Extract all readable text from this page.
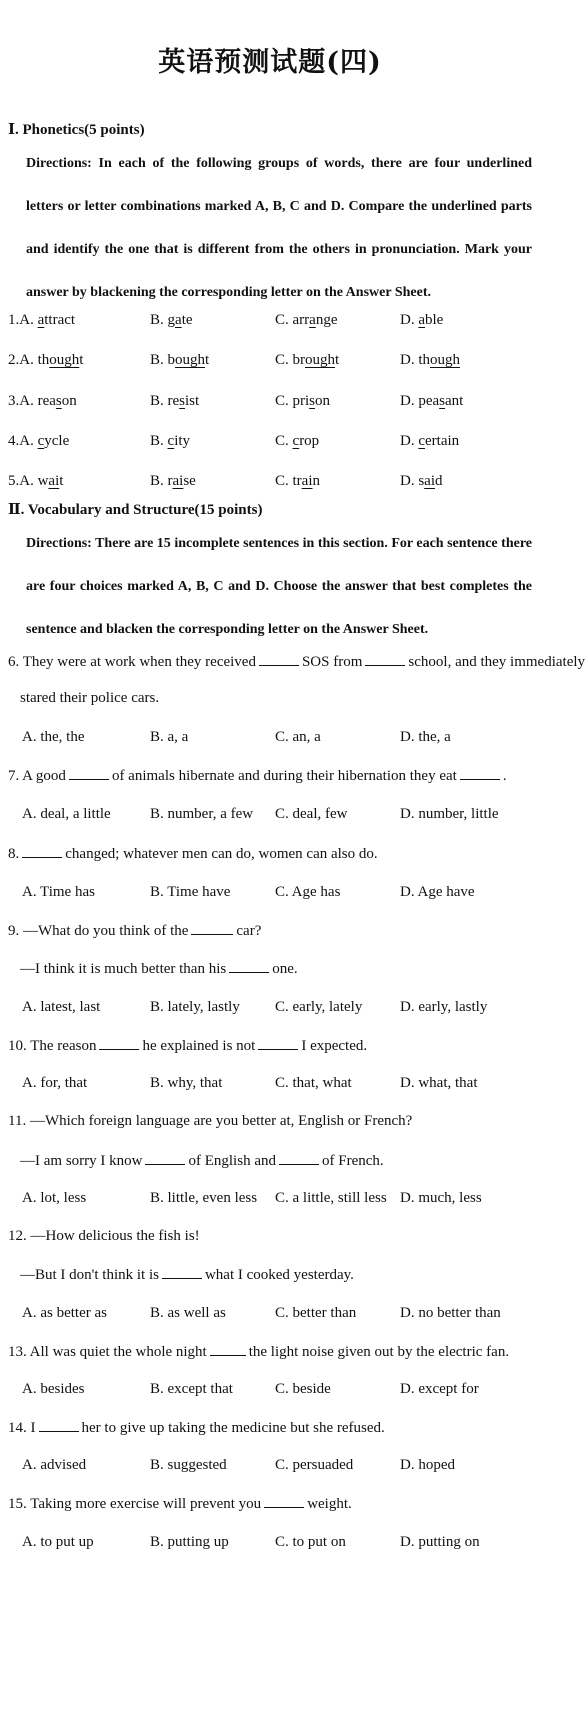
英语预测试题(四)
Ⅰ. Phonetics(5 points)
Directions: In each of the following groups of words, there are four underlined letters or letter combinations marked A, B, C and D. Compare the underlined parts and identify the one that is different from the others in pronunciation. Mark your answer by blackening the corresponding letter on the Answer Sheet.
1.A. attract	B. gate	C. arrange	D. able
2.A. thought	B. bought	C. brought	D. though
3.A. reason	B. resist	C. prison	D. peasant
4.A. cycle	B. city	C. crop	D. certain
5.A. wait	B. raise	C. train	D. said
Ⅱ. Vocabulary and Structure(15 points)
Directions: There are 15 incomplete sentences in this section. For each sentence there are four choices marked A, B, C and D. Choose the answer that best completes the sentence and blacken the corresponding letter on the Answer Sheet.
6. They were at work when they received	SOS from	school, and they immediately
stared their police cars.
A. the, the	B. a, a	C. an, a	D. the, a
7. A good	of animals hibernate and during their hibernation they eat	.
A. deal, a little	B. number, a few C. deal, few	D. number, little
8.	changed; whatever men can do, women can also do.
A. Time has	B. Time have	C. Age has	D. Age have
9. —What do you think of the	car?
—I think it is much better than his	one.
A. latest, last	B. lately, lastly C. early, lately	D. early, lastly
10. The reason	he explained is not	I expected.
A. for, that	B. why, that	C. that, what	D. what, that
11. —Which foreign language are you better at, English or French?
—I am sorry I know	of English and	of French.
A. lot, less	B. little, even less C. a little, still less D. much, less
12. —How delicious the fish is!
—But I don't think it is	what I cooked yesterday.
A. as better as	B. as well as	C. better than	D. no better than
13. All was quiet the whole night	the light noise given out by the electric fan.
A. besides	B. except that	C. beside	D. except for
14. I	her to give up taking the medicine but she refused.
A. advised	B. suggested	C. persuaded	D. hoped
15. Taking more exercise will prevent you	weight.
A. to put up	B. putting up	C. to put on	D. putting on
